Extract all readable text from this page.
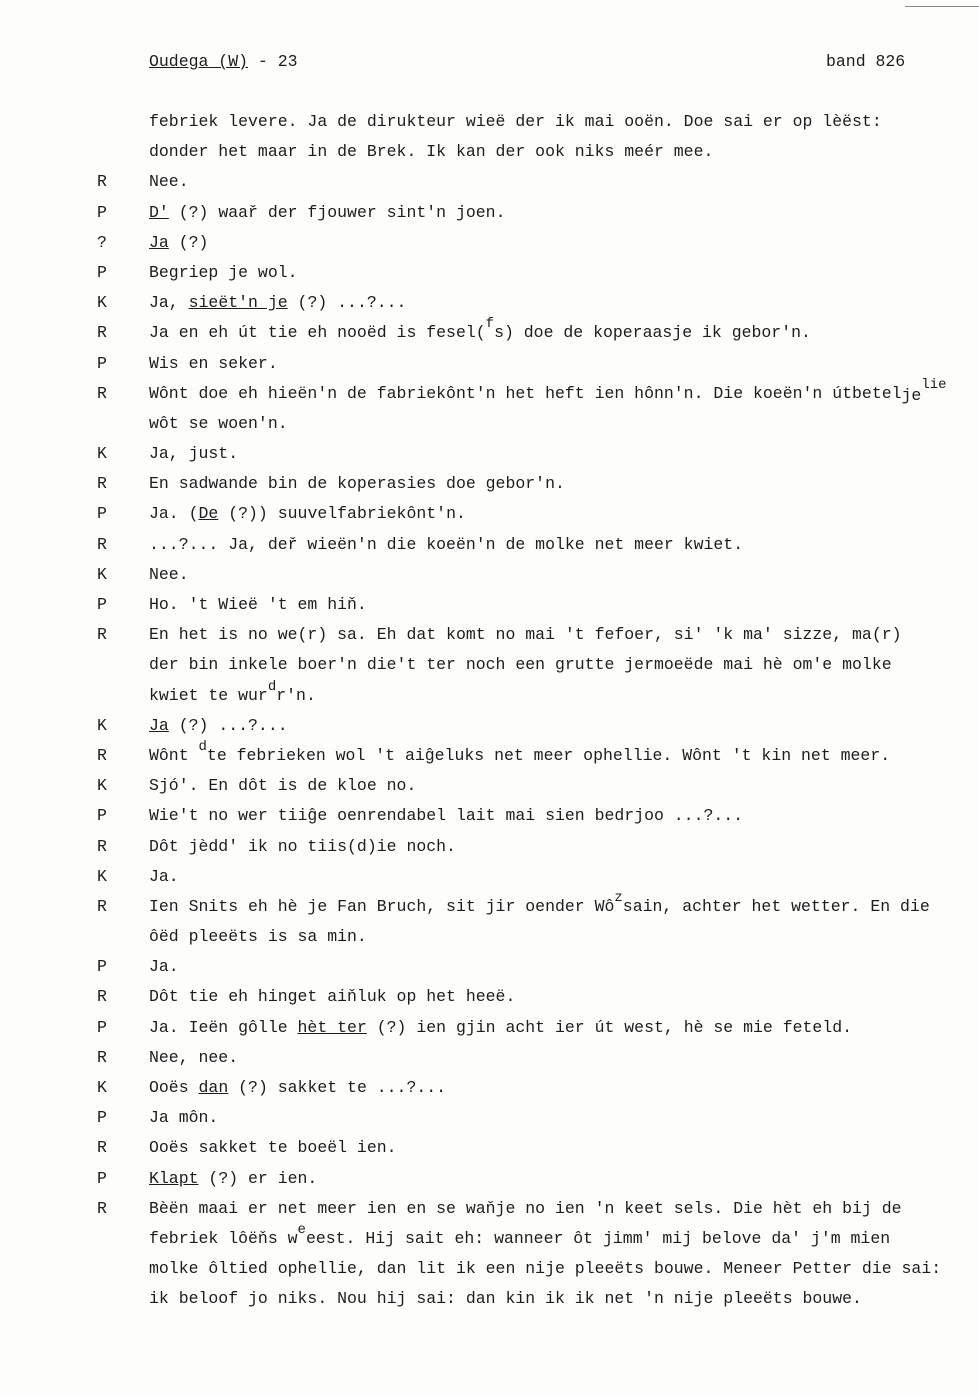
Oudega (W) - 23	band 826
febriek levere. Ja de dirukteur wieë der ik mai ooën. Doe sai er op lèëst:
donder het maar in de Brek. Ik kan der ook niks meér mee.
R	Nee.
P	D' (?) waař der fjouwer sint'n joen.
?	Ja (?)
P	Begriep je wol.
K	Ja, sieët'n je (?) ...?...
R	Ja en eh út tie eh nooëd is fesel($^f$s) doe de koperaasje ik gebor'n.
P	Wis en seker.
R	Wônt doe eh hieën'n de fabriekônt'n het heft ien hônn'n. Die koeën'n útbetelje$^{lie}$
wôt se woen'n.
K	Ja, just.
R	En sadwande bin de koperasies doe gebor'n.
P	Ja. (De (?)) suuvelfabriekônt'n.
R	...?... Ja, deř wieën'n die koeën'n de molke net meer kwiet.
K	Nee.
P	Ho. 't Wieë 't em hiň.
R	En het is no we(r) sa. Eh dat komt no mai 't fefoer, si' 'k ma' sizze, ma(r)
der bin inkele boer'n die't ter noch een grutte jermoeëde mai hè om'e molke
kwiet te wur$^d$r'n.
K	Ja (?) ...?...
R	Wônt $^d$te febrieken wol 't aiĝeluks net meer ophellie. Wônt 't kin net meer.
K	Sjó'. En dôt is de kloe no.
P	Wie't no wer tiiĝe oenrendabel lait mai sien bedrjoo ...?...
R	Dôt jèdd' ik no tiis(d)ie noch.
K	Ja.
R	Ien Snits eh hè je Fan Bruch, sit jir oender $Wô^zsain$, achter het wetter. En die
ôëd pleeëts is sa min.
P	Ja.
R	Dôt tie eh hinget aiňluk op het heeë.
P	Ja. Ieën gôlle hèt ter (?) ien gjin acht ier út west, hè se mie feteld.
R	Nee, nee.
K	Ooës dan (?) sakket te ...?...
P	Ja môn.
R	Ooës sakket te boeël ien.
P	Klapt (?) er ien.
R	Bèën maai er net meer ien en se waňje no ien 'n keet sels. Die hèt eh bij de
febriek lôëňs $w^eeest$. Hij sait eh: wanneer ôt jimm' mij belove da' j'm mien
molke ôltied ophellie, dan lit ik een nije pleeëts bouwe. Meneer Petter die sai:
ik beloof jo niks. Nou hij sai: dan kin ik ik net 'n nije pleeëts bouwe.
